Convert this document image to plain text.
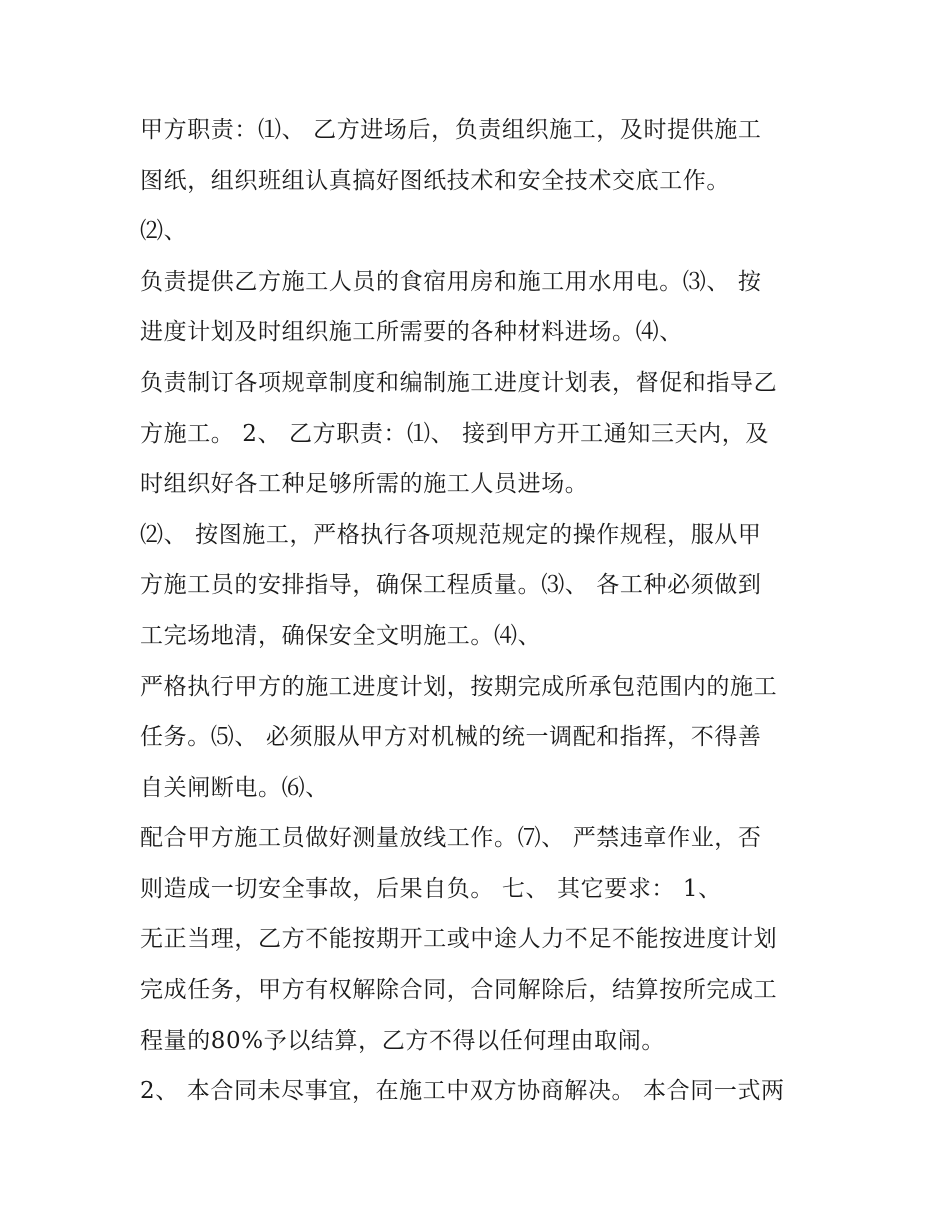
甲方职责：⑴、 乙方进场后，负责组织施工，及时提供施工
图纸，组织班组认真搞好图纸技术和安全技术交底工作。
⑵、
负责提供乙方施工人员的食宿用房和施工用水用电。⑶、 按
进度计划及时组织施工所需要的各种材料进场。⑷、
负责制订各项规章制度和编制施工进度计划表，督促和指导乙
方施工。 2、 乙方职责：⑴、 接到甲方开工通知三天内，及
时组织好各工种足够所需的施工人员进场。
⑵、 按图施工，严格执行各项规范规定的操作规程，服从甲
方施工员的安排指导，确保工程质量。⑶、 各工种必须做到
工完场地清，确保安全文明施工。⑷、
严格执行甲方的施工进度计划，按期完成所承包范围内的施工
任务。⑸、 必须服从甲方对机械的统一调配和指挥，不得善
自关闸断电。⑹、
配合甲方施工员做好测量放线工作。⑺、 严禁违章作业，否
则造成一切安全事故，后果自负。 七、 其它要求： 1、
无正当理，乙方不能按期开工或中途人力不足不能按进度计划
完成任务，甲方有权解除合同，合同解除后，结算按所完成工
程量的80%予以结算，乙方不得以任何理由取闹。
2、 本合同未尽事宜，在施工中双方协商解决。 本合同一式两
